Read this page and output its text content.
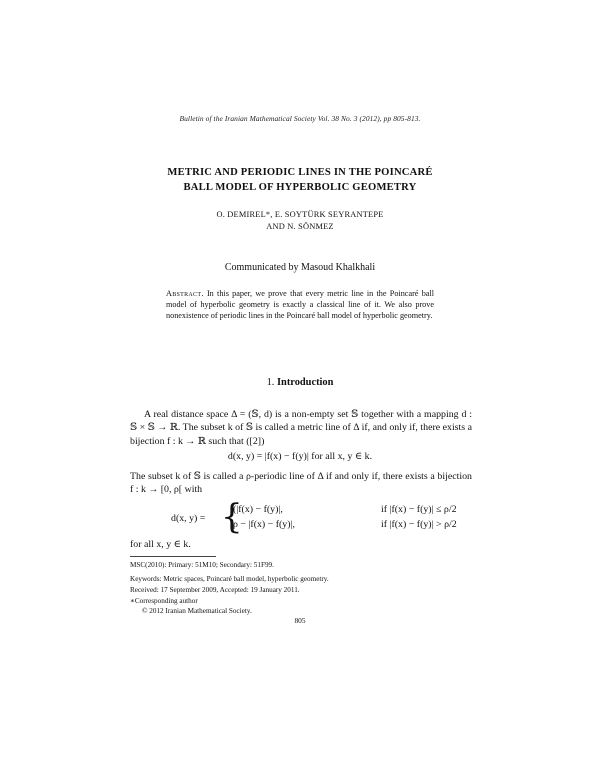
Bulletin of the Iranian Mathematical Society Vol. 38 No. 3 (2012), pp 805-813.
METRIC AND PERIODIC LINES IN THE POINCARÉ
BALL MODEL OF HYPERBOLIC GEOMETRY
O. DEMIREL*, E. SOYTÜRK SEYRANTEPE
AND N. SÖNMEZ
Communicated by Masoud Khalkhali
Abstract. In this paper, we prove that every metric line in the Poincaré ball model of hyperbolic geometry is exactly a classical line of it. We also prove nonexistence of periodic lines in the Poincaré ball model of hyperbolic geometry.
1. Introduction
A real distance space Δ = (𝕊, d) is a non-empty set 𝕊 together with a mapping d : 𝕊 × 𝕊 → ℝ. The subset k of 𝕊 is called a metric line of Δ if, and only if, there exists a bijection f : k → ℝ such that ([2])
d(x, y) = |f(x) − f(y)| for all x, y ∈ k.
The subset k of 𝕊 is called a ρ-periodic line of Δ if and only if, there exists a bijection f : k → [0, ρ[ with
d(x, y) = {
(|f(x) − f(y)|,	if |f(x) − f(y)| ≤ ρ/2
ρ − |f(x) − f(y)|,	if |f(x) − f(y)| > ρ/2
for all x, y ∈ k.
MSC(2010): Primary: 51M10; Secondary: 51F99.
Keywords: Metric spaces, Poincaré ball model, hyperbolic geometry.
Received: 17 September 2009, Accepted: 19 January 2011.
∗Corresponding author
© 2012 Iranian Mathematical Society.
805
